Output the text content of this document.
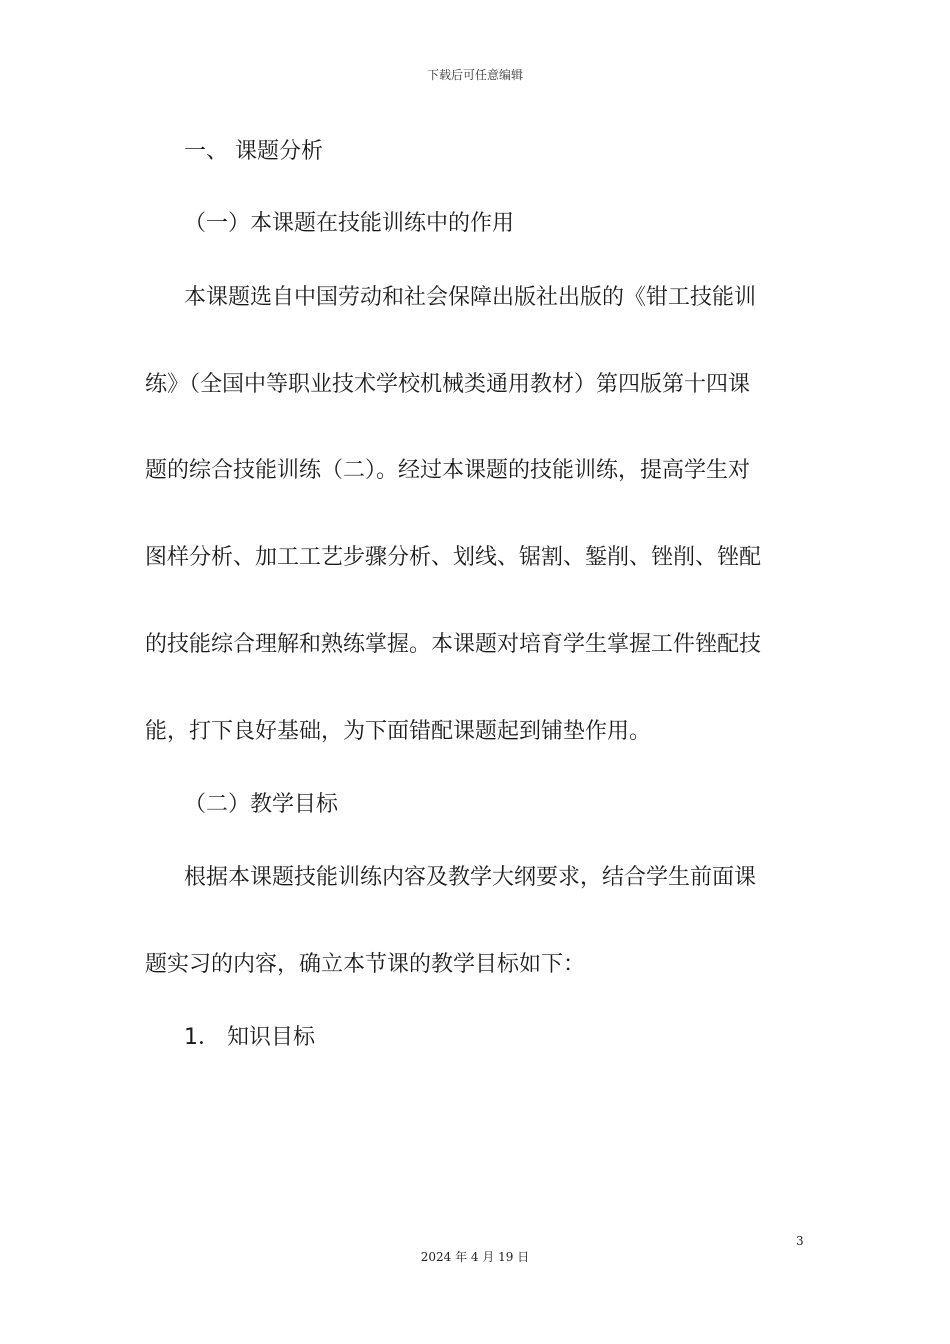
下载后可任意编辑
一、 课题分析
（一）本课题在技能训练中的作用
本课题选自中国劳动和社会保障出版社出版的《钳工技能训
练》（全国中等职业技术学校机械类通用教材）第四版第十四课
题的综合技能训练（二）。经过本课题的技能训练，提高学生对
图样分析、加工工艺步骤分析、划线、锯割、錾削、锉削、锉配
的技能综合理解和熟练掌握。本课题对培育学生掌握工件锉配技
能，打下良好基础，为下面错配课题起到铺垫作用。
（二）教学目标
根据本课题技能训练内容及教学大纲要求，结合学生前面课
题实习的内容，确立本节课的教学目标如下：
1． 知识目标
3
2024 年 4 月 19 日
